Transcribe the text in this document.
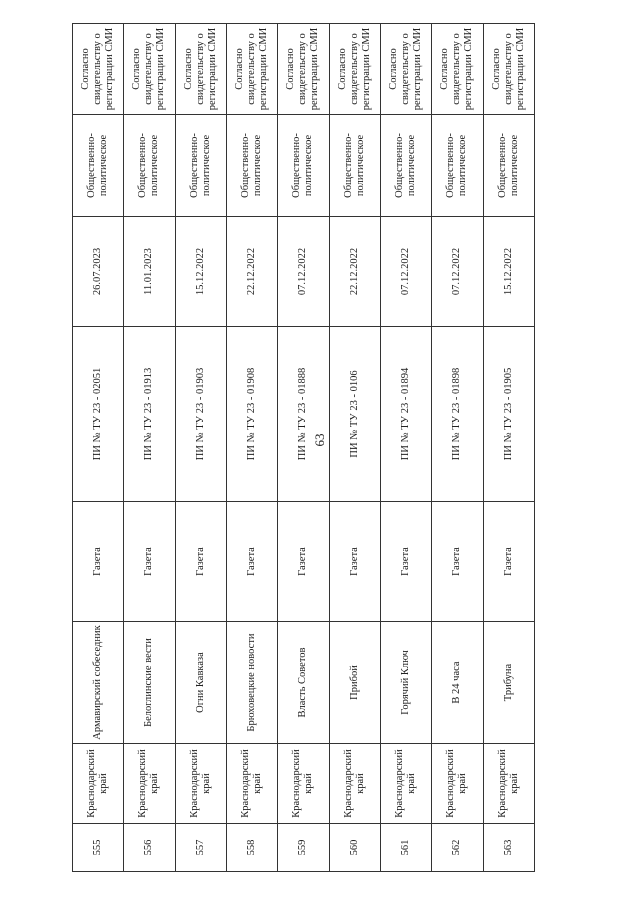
63
555	Краснодарский край	Армавирский собеседник	Газета	ПИ № ТУ 23 - 02051	26.07.2023	Общественно-политическое	Согласно свидетельству о регистрации СМИ
556	Краснодарский край	Белоглинские вести	Газета	ПИ № ТУ 23 - 01913	11.01.2023	Общественно-политическое	Согласно свидетельству о регистрации СМИ
557	Краснодарский край	Огни Кавказа	Газета	ПИ № ТУ 23 - 01903	15.12.2022	Общественно-политическое	Согласно свидетельству о регистрации СМИ
558	Краснодарский край	Брюховецкие новости	Газета	ПИ № ТУ 23 - 01908	22.12.2022	Общественно-политическое	Согласно свидетельству о регистрации СМИ
559	Краснодарский край	Власть Советов	Газета	ПИ № ТУ 23 - 01888	07.12.2022	Общественно-политическое	Согласно свидетельству о регистрации СМИ
560	Краснодарский край	Прибой	Газета	ПИ № ТУ 23 - 0106	22.12.2022	Общественно-политическое	Согласно свидетельству о регистрации СМИ
561	Краснодарский край	Горячий Ключ	Газета	ПИ № ТУ 23 - 01894	07.12.2022	Общественно-политическое	Согласно свидетельству о регистрации СМИ
562	Краснодарский край	В 24 часа	Газета	ПИ № ТУ 23 - 01898	07.12.2022	Общественно-политическое	Согласно свидетельству о регистрации СМИ
563	Краснодарский край	Трибуна	Газета	ПИ № ТУ 23 - 01905	15.12.2022	Общественно-политическое	Согласно свидетельству о регистрации СМИ
